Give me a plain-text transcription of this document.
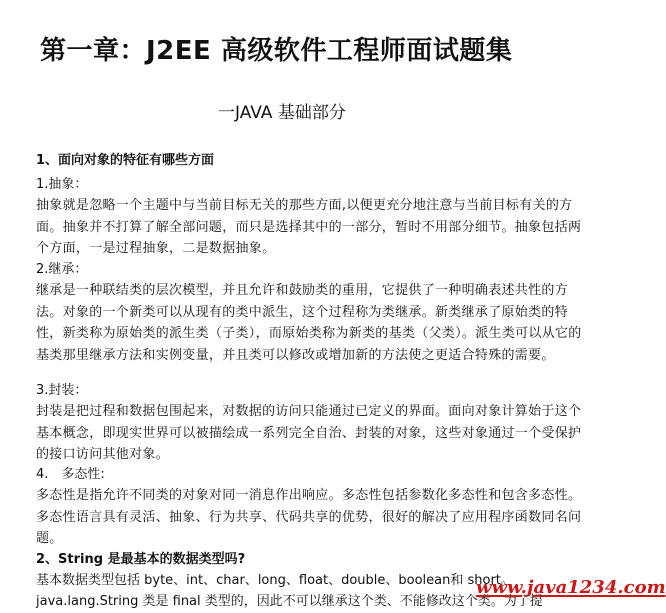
第一章：J2EE 高级软件工程师面试题集
一JAVA 基础部分
1、面向对象的特征有哪些方面
1.抽象：
抽象就是忽略一个主题中与当前目标无关的那些方面,以便更充分地注意与当前目标有关的方面。抽象并不打算了解全部问题，而只是选择其中的一部分，暂时不用部分细节。抽象包括两个方面，一是过程抽象，二是数据抽象。
2.继承：
继承是一种联结类的层次模型，并且允许和鼓励类的重用，它提供了一种明确表述共性的方法。对象的一个新类可以从现有的类中派生，这个过程称为类继承。新类继承了原始类的特性，新类称为原始类的派生类（子类），而原始类称为新类的基类（父类）。派生类可以从它的基类那里继承方法和实例变量，并且类可以修改或增加新的方法使之更适合特殊的需要。
3.封装：
封装是把过程和数据包围起来，对数据的访问只能通过已定义的界面。面向对象计算始于这个基本概念，即现实世界可以被描绘成一系列完全自治、封装的对象，这些对象通过一个受保护的接口访问其他对象。
4.　多态性:
多态性是指允许不同类的对象对同一消息作出响应。多态性包括参数化多态性和包含多态性。多态性语言具有灵活、抽象、行为共享、代码共享的优势，很好的解决了应用程序函数同名问题。
2、String 是最基本的数据类型吗?
基本数据类型包括 byte、int、char、long、float、double、boolean和 short。
java.lang.String 类是 final 类型的，因此不可以继承这个类、不能修改这个类。为了提
www.java1234.com
